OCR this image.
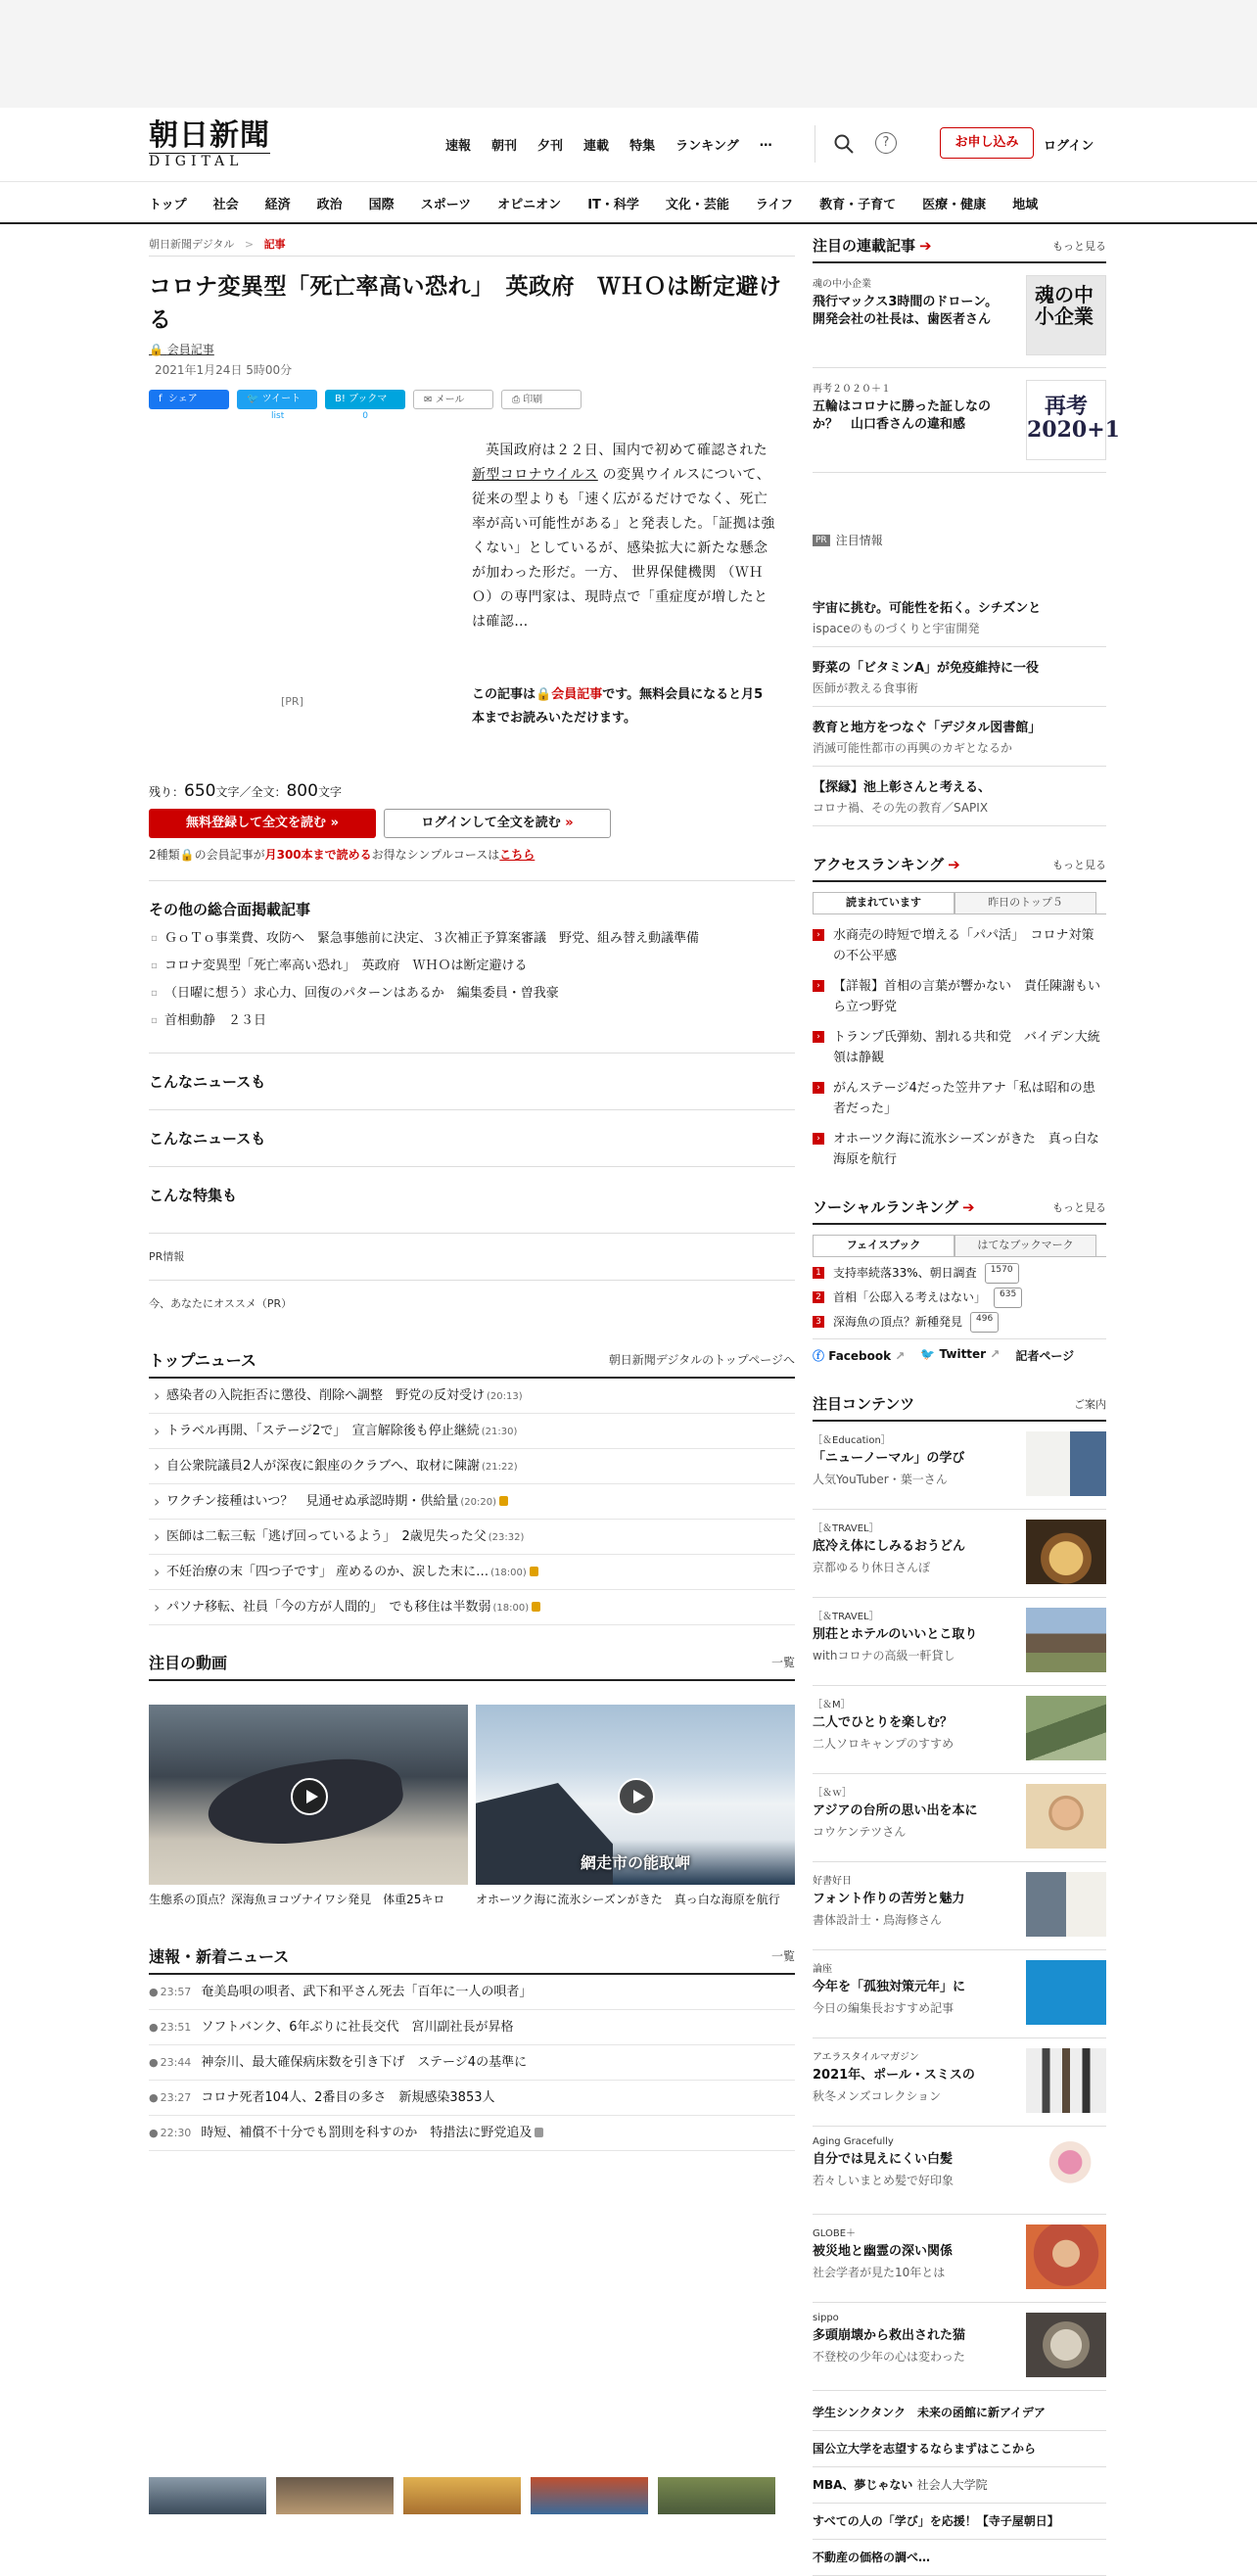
朝日新聞
DIGITAL
速報 朝刊 夕刊 連載 特集 ランキング …	?	お申し込み	ログイン
トップ 社会 経済 政治 国際 スポーツ オピニオン IT・科学 文化・芸能 ライフ 教育・子育て 医療・健康 地域
朝日新聞デジタル > 記事
コロナ変異型「死亡率高い恐れ」　英政府　ＷＨＯは断定避ける
🔒 会員記事
2021年1月24日 5時00分
f シェア	🐦 ツイート	B! ブックマーク
✉ メール	⎙ 印刷
list	0
[PR]

英国政府は２２日、国内で初めて確認された 新型コロナウイルス の変異ウイルスについて、従来の型よりも「速く広がるだけでなく、死亡率が高い可能性がある」と発表した。「証拠は強くない」としているが、感染拡大に新たな懸念が加わった形だ。一方、 世界保健機関 （ＷＨＯ）の専門家は、現時点で「重症度が増したとは確認…

この記事は🔒会員記事です。無料会員になると月5本までお読みいただけます。

残り：650文字／全文：800文字
無料登録して全文を読む »	ログインして全文を読む »
2種類🔒の会員記事が月300本まで読めるお得なシンプルコースはこちら
その他の総合面掲載記事
▫ ＧｏＴｏ事業費、攻防へ　緊急事態前に決定、３次補正予算案審議　野党、組み替え動議準備
▫ コロナ変異型「死亡率高い恐れ」　英政府　ＷＨＯは断定避ける
▫ （日曜に想う）求心力、回復のパターンはあるか　編集委員・曽我豪
▫ 首相動静　２３日
こんなニュースも
こんなニュースも
こんな特集も
PR情報
今、あなたにオススメ（PR）
トップニュース	朝日新聞デジタルのトップページへ
› 感染者の入院拒否に懲役、削除へ調整　野党の反対受け (20:13)
› トラベル再開、「ステージ2で」　宣言解除後も停止継続 (21:30)
› 自公衆院議員2人が深夜に銀座のクラブへ、取材に陳謝 (21:22)
› ワクチン接種はいつ？　見通せぬ承認時期・供給量 (20:20)
› 医師は二転三転「逃げ回っているよう」　2歳児失った父 (23:32)
› 不妊治療の末「四つ子です」 産めるのか、涙した末に… (18:00)
› パソナ移転、社員「今の方が人間的」　でも移住は半数弱 (18:00)
注目の動画	一覧
生態系の頂点？深海魚ヨコヅナイワシ発見　体重25キロ
網走市の能取岬
オホーツク海に流氷シーズンがきた　真っ白な海原を航行
速報・新着ニュース	一覧
● 23:57 奄美島唄の唄者、武下和平さん死去「百年に一人の唄者」
● 23:51 ソフトバンク、6年ぶりに社長交代　宮川副社長が昇格
● 23:44 神奈川、最大確保病床数を引き下げ　ステージ4の基準に
● 23:27 コロナ死者104人、2番目の多さ　新規感染3853人
● 22:30 時短、補償不十分でも罰則を科すのか　特措法に野党追及
注目の連載記事 ➔	もっと見る
魂の中小企業
飛行マックス3時間のドローン。開発会社の社長は、歯医者さん
魂の中小企業
再考２０２０＋１
五輪はコロナに勝った証しなのか？　山口香さんの違和感
再考 2020+1
PR 注目情報
宇宙に挑む。可能性を拓く。シチズンと
ispaceのものづくりと宇宙開発
野菜の「ビタミンA」が免疫維持に一役
医師が教える食事術
教育と地方をつなぐ「デジタル図書館」
消滅可能性都市の再興のカギとなるか
【探縁】池上彰さんと考える、
コロナ禍、その先の教育／SAPIX
アクセスランキング ➔	もっと見る
読まれています	昨日のトップ５
›	水商売の時短で増える「パパ活」　コロナ対策の不公平感
›	【詳報】首相の言葉が響かない　責任陳謝もいら立つ野党
›	トランプ氏弾劾、割れる共和党　バイデン大統領は静観
›	がんステージ4だった笠井アナ「私は昭和の患者だった」
›	オホーツク海に流氷シーズンがきた　真っ白な海原を航行
ソーシャルランキング ➔	もっと見る
フェイスブック	はてなブックマーク
1 支持率続落33%、朝日調査	1570
2 首相「公邸入る考えはない」	635
3 深海魚の頂点？新種発見	496
ⓕ Facebook ↗ 🐦 Twitter ↗ 記者ページ
注目コンテンツ	ご案内
［＆Education］
「ニューノーマル」の学び
人気YouTuber・葉一さん
［＆TRAVEL］
底冷え体にしみるおうどん
京都ゆるり休日さんぽ
［＆TRAVEL］
別荘とホテルのいいとこ取り
withコロナの高級一軒貸し
［＆M］
二人でひとりを楽しむ？
二人ソロキャンプのすすめ
［＆ｗ］
アジアの台所の思い出を本に
コウケンテツさん
好書好日
フォント作りの苦労と魅力
書体設計士・鳥海修さん
論座
今年を「孤独対策元年」に
今日の編集長おすすめ記事
アエラスタイルマガジン
2021年、ポール・スミスの
秋冬メンズコレクション
Aging Gracefully
自分では見えにくい白髪
若々しいまとめ髪で好印象
GLOBE＋
被災地と幽霊の深い関係
社会学者が見た10年とは
sippo
多頭崩壊から救出された猫
不登校の少年の心は変わった
学生シンクタンク　未来の函館に新アイデア
国公立大学を志望するならまずはここから
MBA、夢じゃない 社会人大学院
すべての人の「学び」を応援！【寺子屋朝日】
不動産の価格の調べ…
